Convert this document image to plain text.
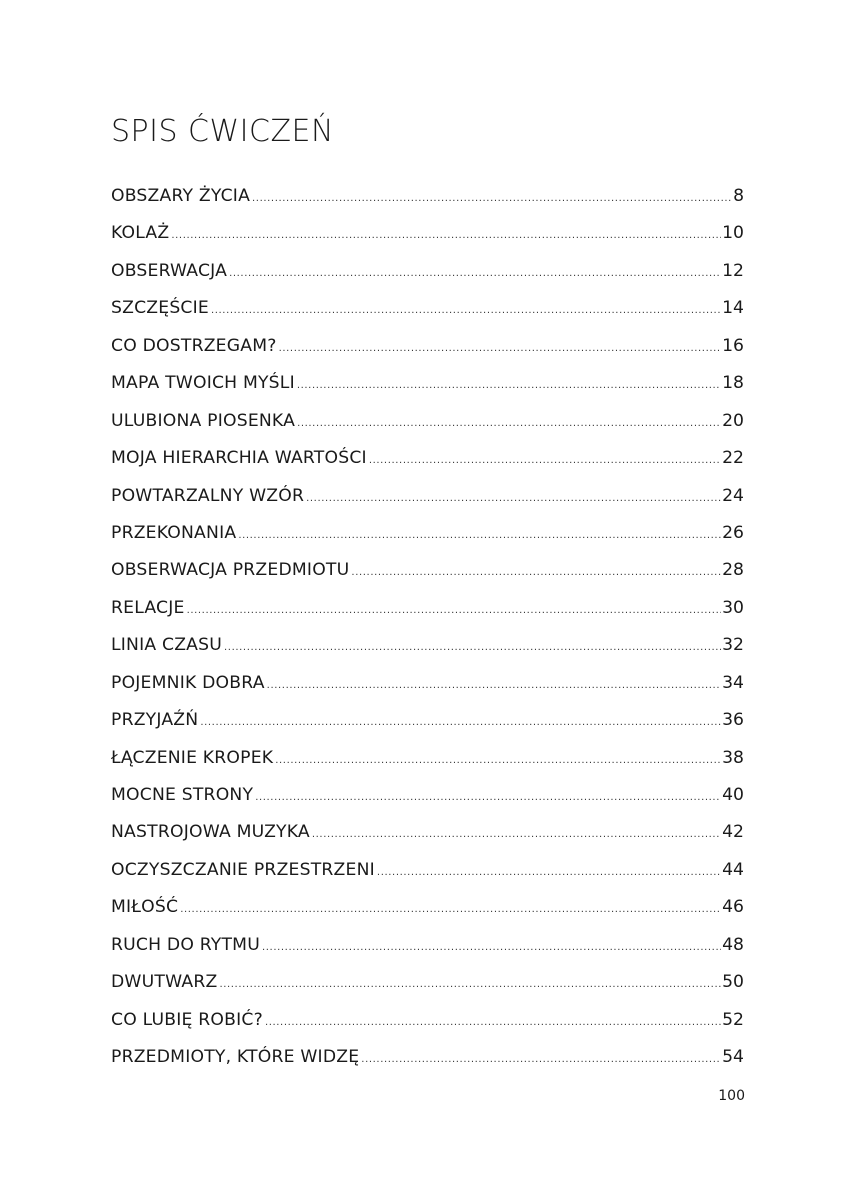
SPIS ĆWICZEŃ
OBSZARY ŻYCIA .....	8
KOLAŻ .....	10
OBSERWACJA .....	12
SZCZĘŚCIE .....	14
CO DOSTRZEGAM? .....	16
MAPA TWOICH MYŚLI .....	18
ULUBIONA PIOSENKA .....	20
MOJA HIERARCHIA WARTOŚCI .....	22
POWTARZALNY WZÓR .....	24
PRZEKONANIA .....	26
OBSERWACJA PRZEDMIOTU .....	28
RELACJE .....	30
LINIA CZASU .....	32
POJEMNIK DOBRA .....	34
PRZYJAŹŃ .....	36
ŁĄCZENIE KROPEK .....	38
MOCNE STRONY .....	40
NASTROJOWA MUZYKA .....	42
OCZYSZCZANIE PRZESTRZENI .....	44
MIŁOŚĆ .....	46
RUCH DO RYTMU .....	48
DWUTWARZ .....	50
CO LUBIĘ ROBIĆ? .....	52
PRZEDMIOTY, KTÓRE WIDZĘ .....	54
100
